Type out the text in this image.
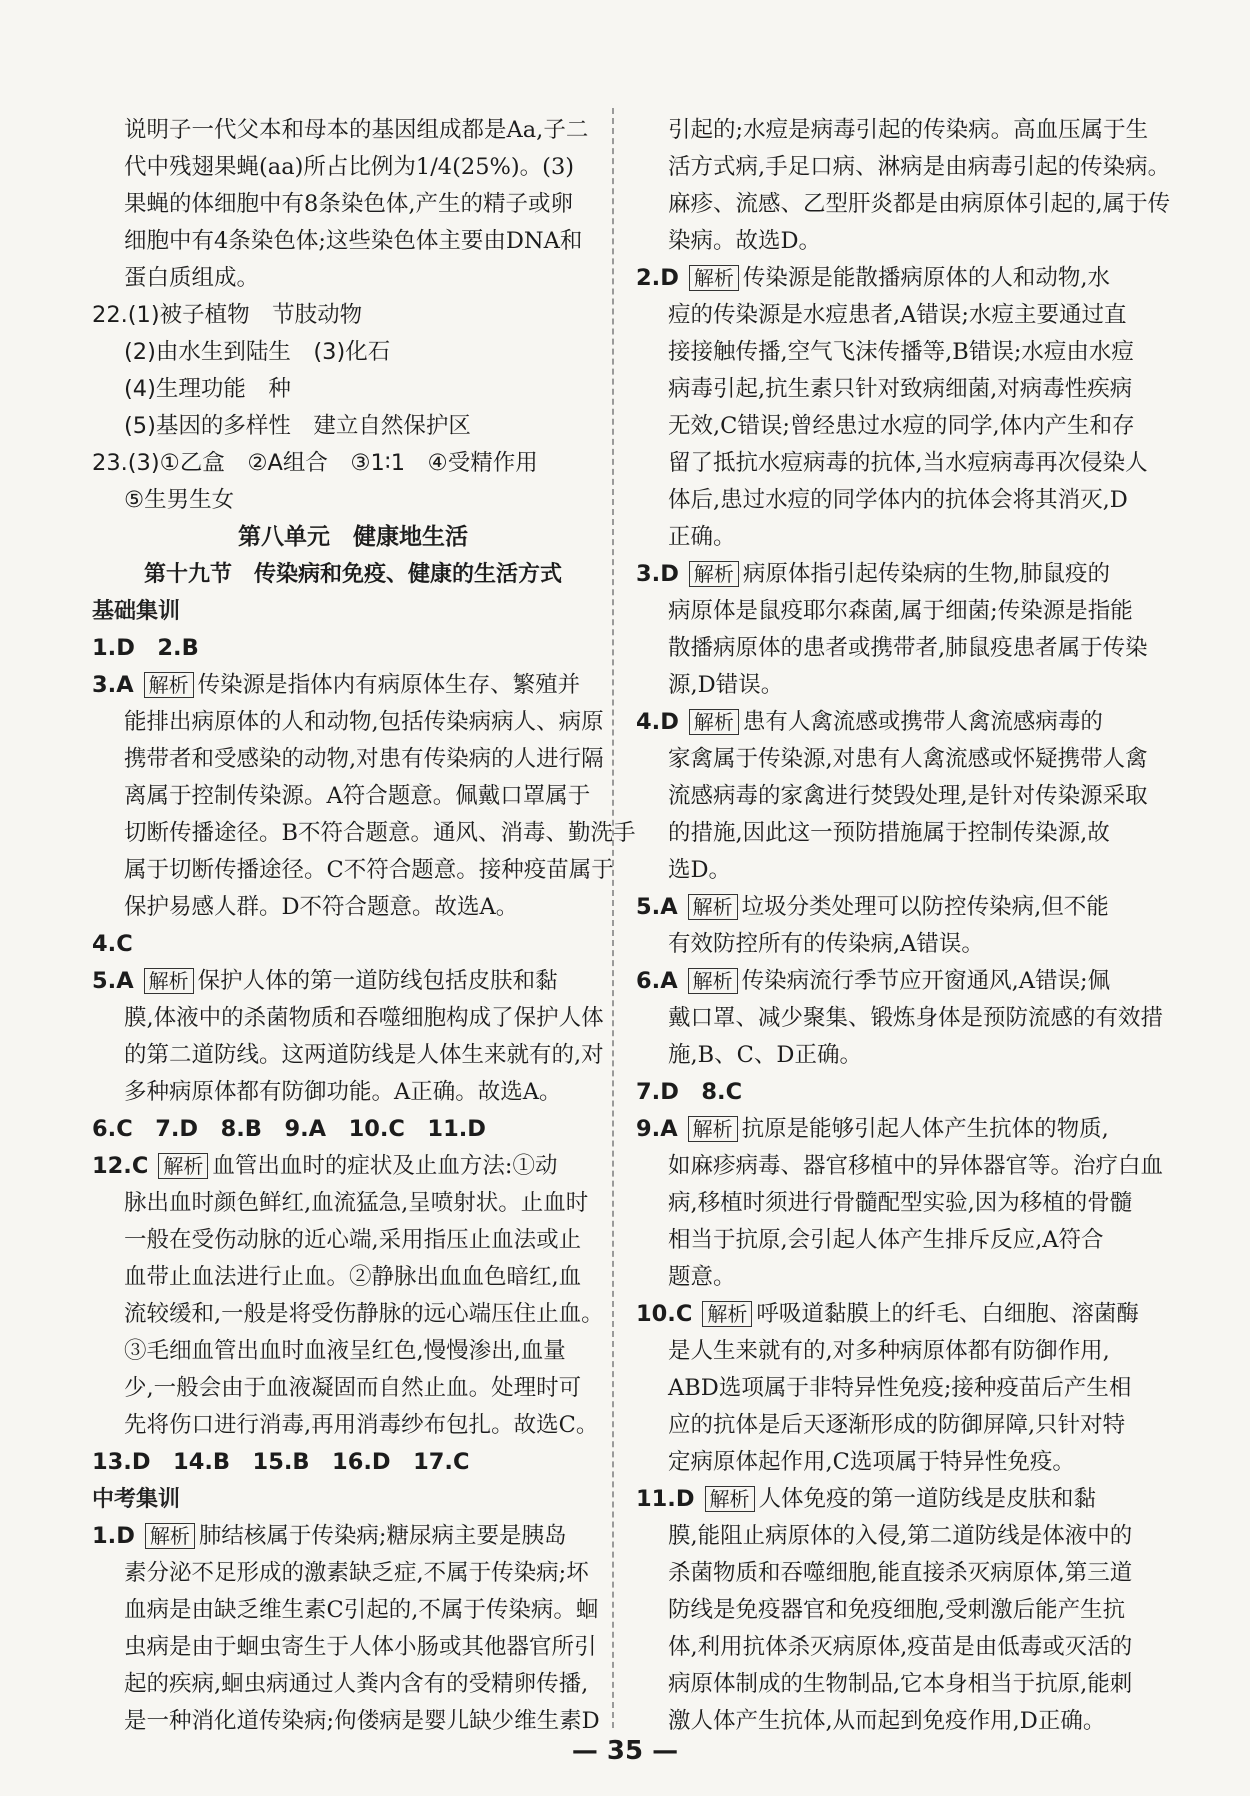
说明子一代父本和母本的基因组成都是Aa,子二

代中残翅果蝇(aa)所占比例为1/4(25%)。(3)

果蝇的体细胞中有8条染色体,产生的精子或卵

细胞中有4条染色体;这些染色体主要由DNA和

蛋白质组成。

22.(1)被子植物　节肢动物

(2)由水生到陆生　(3)化石

(4)生理功能　种

(5)基因的多样性　建立自然保护区

23.(3)①乙盒　②A组合　③1∶1　④受精作用

⑤生男生女

第八单元　健康地生活

第十九节　传染病和免疫、健康的生活方式

基础集训

1.D　2.B

3.A 解析 传染源是指体内有病原体生存、繁殖并

能排出病原体的人和动物,包括传染病病人、病原

携带者和受感染的动物,对患有传染病的人进行隔

离属于控制传染源。A符合题意。佩戴口罩属于

切断传播途径。B不符合题意。通风、消毒、勤洗手

属于切断传播途径。C不符合题意。接种疫苗属于

保护易感人群。D不符合题意。故选A。

4.C

5.A 解析 保护人体的第一道防线包括皮肤和黏

膜,体液中的杀菌物质和吞噬细胞构成了保护人体

的第二道防线。这两道防线是人体生来就有的,对

多种病原体都有防御功能。A正确。故选A。

6.C　7.D　8.B　9.A　10.C　11.D

12.C 解析 血管出血时的症状及止血方法:①动

脉出血时颜色鲜红,血流猛急,呈喷射状。止血时

一般在受伤动脉的近心端,采用指压止血法或止

血带止血法进行止血。②静脉出血血色暗红,血

流较缓和,一般是将受伤静脉的远心端压住止血。

③毛细血管出血时血液呈红色,慢慢渗出,血量

少,一般会由于血液凝固而自然止血。处理时可

先将伤口进行消毒,再用消毒纱布包扎。故选C。

13.D　14.B　15.B　16.D　17.C

中考集训

1.D 解析 肺结核属于传染病;糖尿病主要是胰岛

素分泌不足形成的激素缺乏症,不属于传染病;坏

血病是由缺乏维生素C引起的,不属于传染病。蛔

虫病是由于蛔虫寄生于人体小肠或其他器官所引

起的疾病,蛔虫病通过人粪内含有的受精卵传播,

是一种消化道传染病;佝偻病是婴儿缺少维生素D

引起的;水痘是病毒引起的传染病。高血压属于生

活方式病,手足口病、淋病是由病毒引起的传染病。

麻疹、流感、乙型肝炎都是由病原体引起的,属于传

染病。故选D。

2.D 解析 传染源是能散播病原体的人和动物,水

痘的传染源是水痘患者,A错误;水痘主要通过直

接接触传播,空气飞沫传播等,B错误;水痘由水痘

病毒引起,抗生素只针对致病细菌,对病毒性疾病

无效,C错误;曾经患过水痘的同学,体内产生和存

留了抵抗水痘病毒的抗体,当水痘病毒再次侵染人

体后,患过水痘的同学体内的抗体会将其消灭,D

正确。

3.D 解析 病原体指引起传染病的生物,肺鼠疫的

病原体是鼠疫耶尔森菌,属于细菌;传染源是指能

散播病原体的患者或携带者,肺鼠疫患者属于传染

源,D错误。

4.D 解析 患有人禽流感或携带人禽流感病毒的

家禽属于传染源,对患有人禽流感或怀疑携带人禽

流感病毒的家禽进行焚毁处理,是针对传染源采取

的措施,因此这一预防措施属于控制传染源,故

选D。

5.A 解析 垃圾分类处理可以防控传染病,但不能

有效防控所有的传染病,A错误。

6.A 解析 传染病流行季节应开窗通风,A错误;佩

戴口罩、减少聚集、锻炼身体是预防流感的有效措

施,B、C、D正确。

7.D　8.C

9.A 解析 抗原是能够引起人体产生抗体的物质,

如麻疹病毒、器官移植中的异体器官等。治疗白血

病,移植时须进行骨髓配型实验,因为移植的骨髓

相当于抗原,会引起人体产生排斥反应,A符合

题意。

10.C 解析 呼吸道黏膜上的纤毛、白细胞、溶菌酶

是人生来就有的,对多种病原体都有防御作用,

ABD选项属于非特异性免疫;接种疫苗后产生相

应的抗体是后天逐渐形成的防御屏障,只针对特

定病原体起作用,C选项属于特异性免疫。

11.D 解析 人体免疫的第一道防线是皮肤和黏

膜,能阻止病原体的入侵,第二道防线是体液中的

杀菌物质和吞噬细胞,能直接杀灭病原体,第三道

防线是免疫器官和免疫细胞,受刺激后能产生抗

体,利用抗体杀灭病原体,疫苗是由低毒或灭活的

病原体制成的生物制品,它本身相当于抗原,能刺

激人体产生抗体,从而起到免疫作用,D正确。

— 35 —
